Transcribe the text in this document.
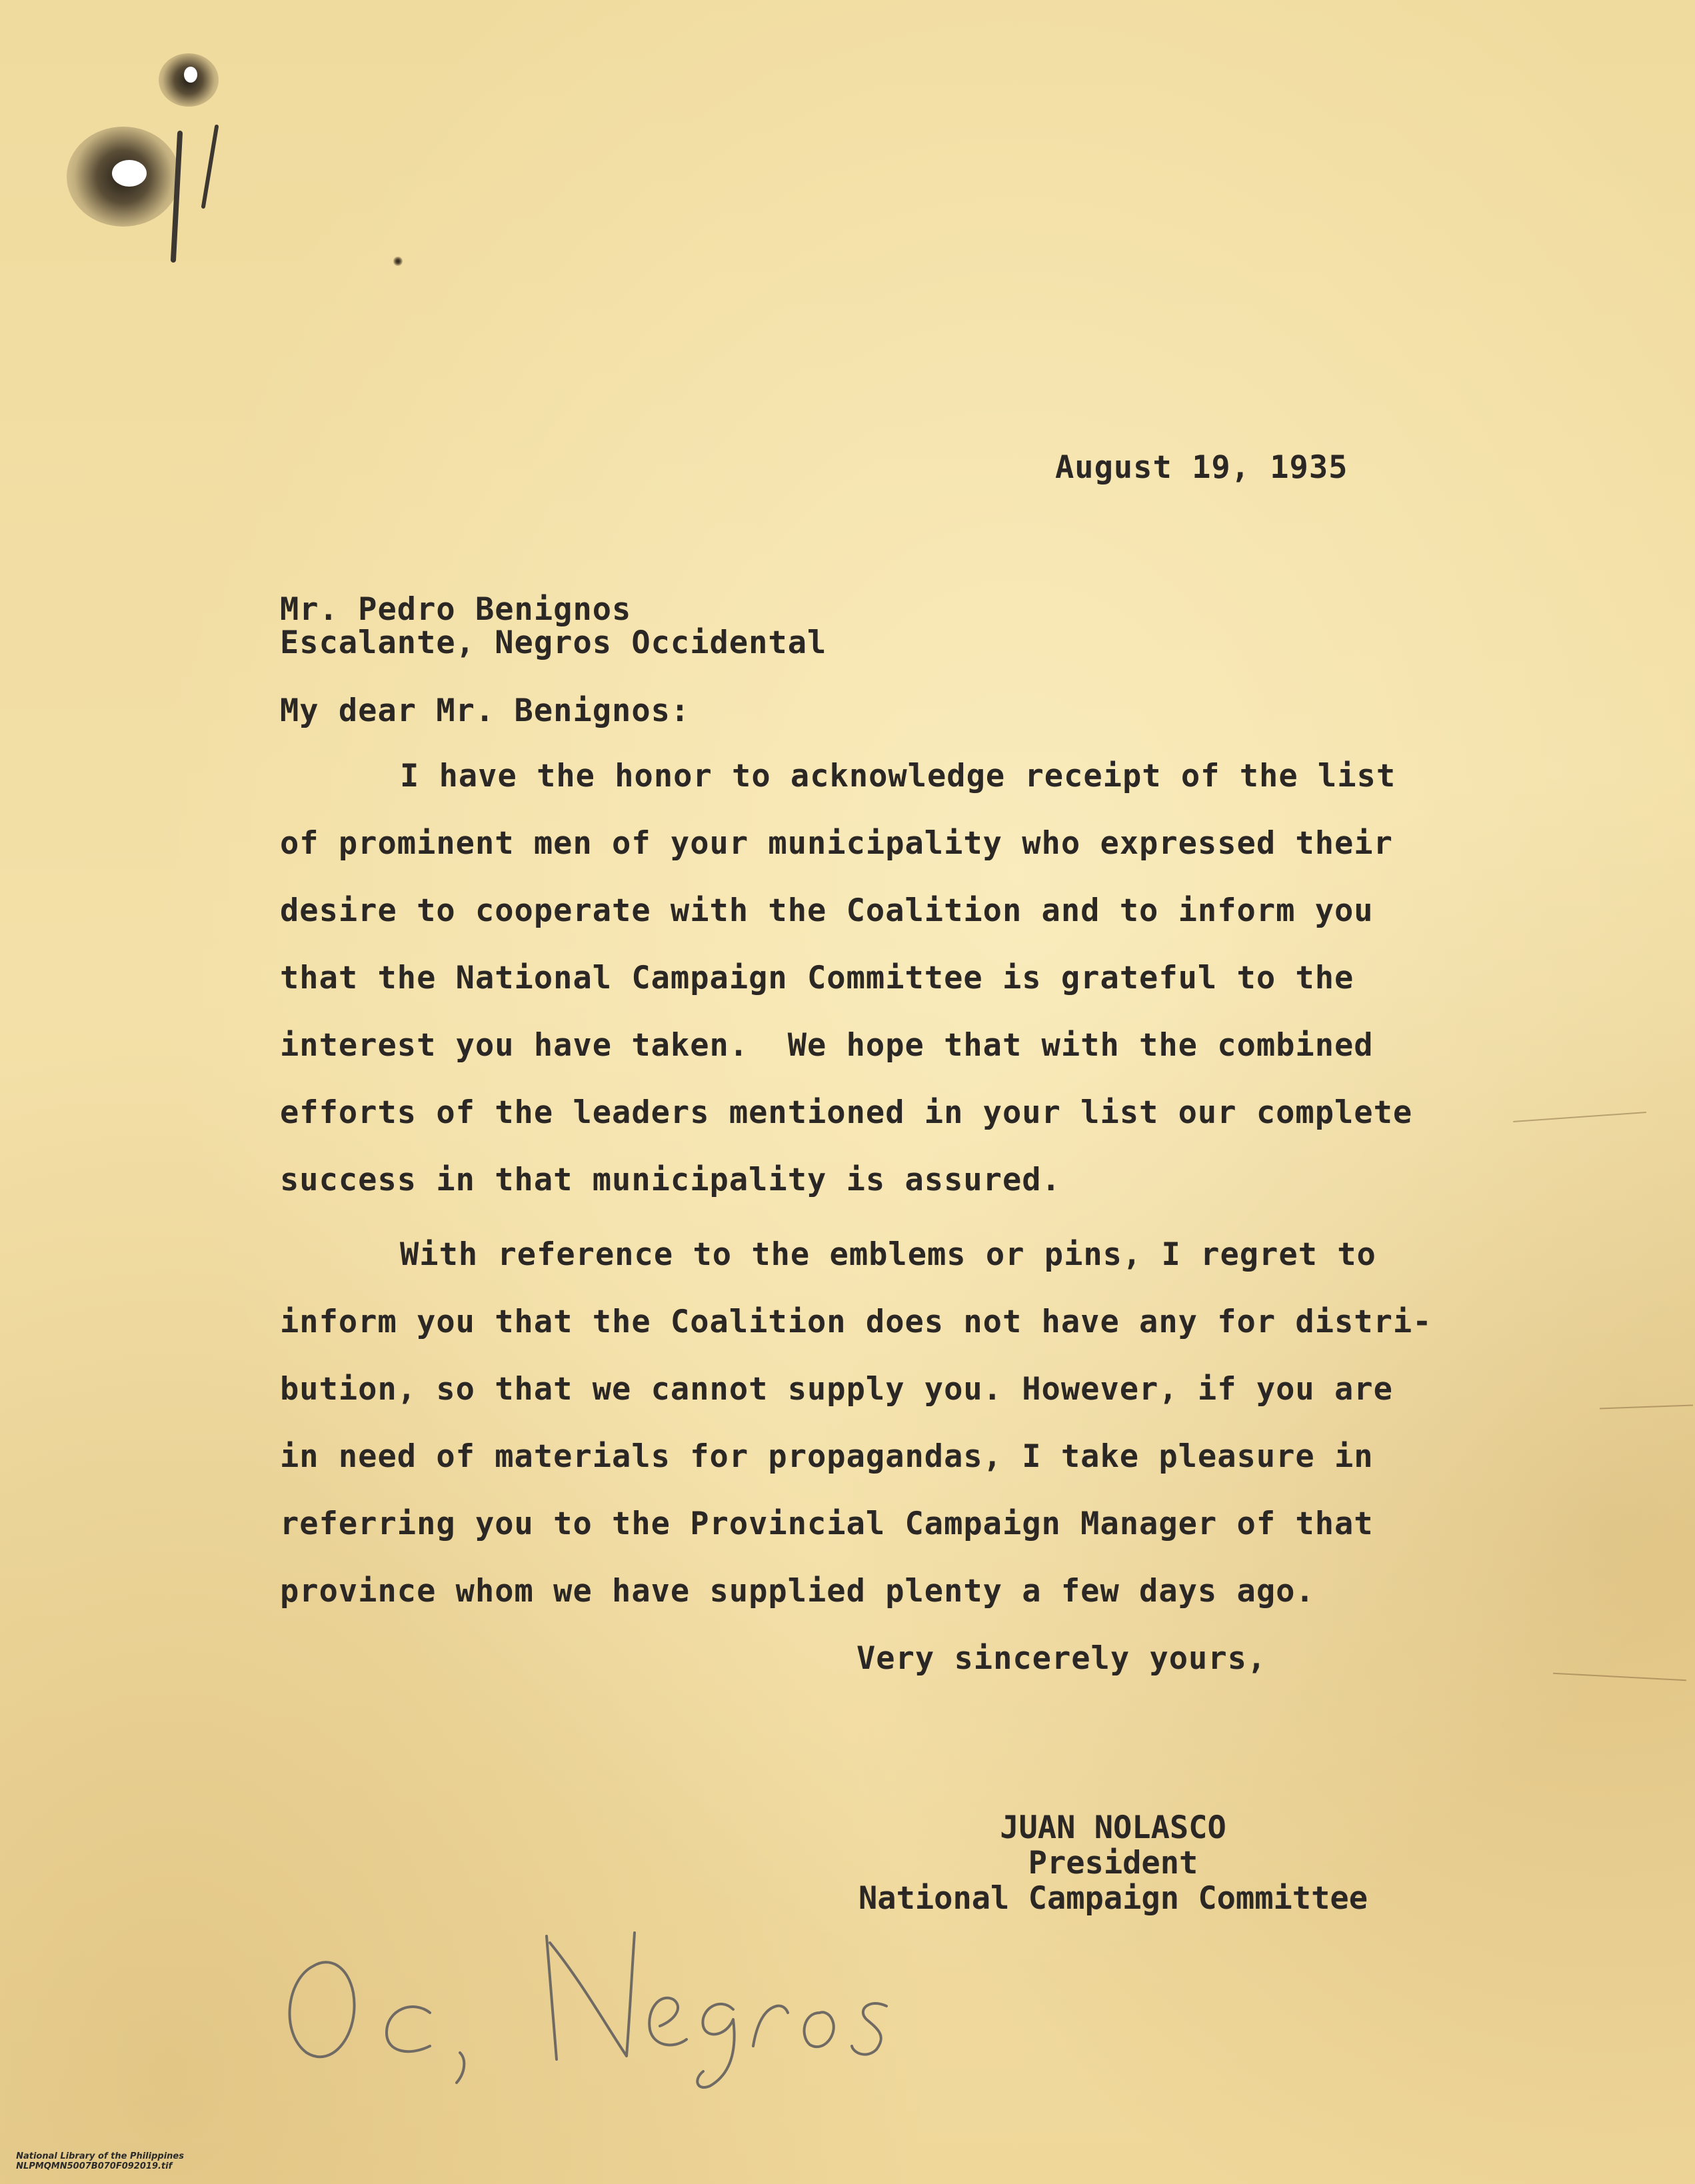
August 19, 1935

Mr. Pedro Benignos

Escalante, Negros Occidental

My dear Mr. Benignos:

I have the honor to acknowledge receipt of the list

of prominent men of your municipality who expressed their

desire to cooperate with the Coalition and to inform you

that the National Campaign Committee is grateful to the

interest you have taken.  We hope that with the combined

efforts of the leaders mentioned in your list our complete

success in that municipality is assured.

With reference to the emblems or pins, I regret to

inform you that the Coalition does not have any for distri-

bution, so that we cannot supply you. However, if you are

in need of materials for propagandas, I take pleasure in

referring you to the Provincial Campaign Manager of that

province whom we have supplied plenty a few days ago.

Very sincerely yours,

JUAN NOLASCO
President
National Campaign Committee

National Library of the Philippines
NLPMQMN5007B070F092019.tif
